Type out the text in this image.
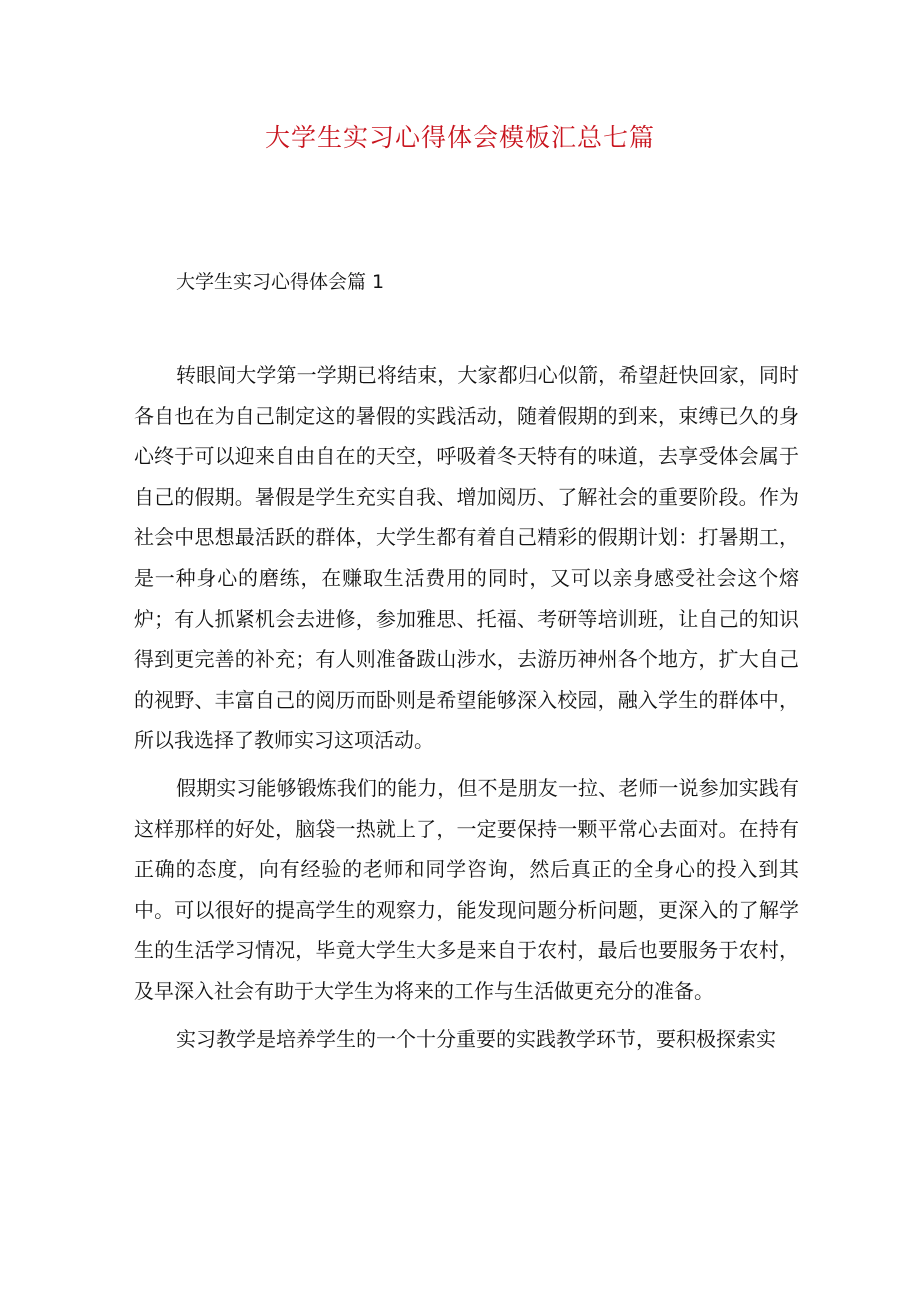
大学生实习心得体会模板汇总七篇
大学生实习心得体会篇 1

转眼间大学第一学期已将结束，大家都归心似箭，希望赶快回家，同时各自也在为自己制定这的暑假的实践活动，随着假期的到来，束缚已久的身心终于可以迎来自由自在的天空，呼吸着冬天特有的味道，去享受体会属于自己的假期。暑假是学生充实自我、增加阅历、了解社会的重要阶段。作为社会中思想最活跃的群体，大学生都有着自己精彩的假期计划：打暑期工，是一种身心的磨练，在赚取生活费用的同时，又可以亲身感受社会这个熔炉；有人抓紧机会去进修，参加雅思、托福、考研等培训班，让自己的知识得到更完善的补充；有人则准备跋山涉水，去游历神州各个地方，扩大自己的视野、丰富自己的阅历而卧则是希望能够深入校园，融入学生的群体中，所以我选择了教师实习这项活动。

假期实习能够锻炼我们的能力，但不是朋友一拉、老师一说参加实践有这样那样的好处，脑袋一热就上了，一定要保持一颗平常心去面对。在持有正确的态度，向有经验的老师和同学咨询，然后真正的全身心的投入到其中。可以很好的提高学生的观察力，能发现问题分析问题，更深入的了解学生的生活学习情况，毕竟大学生大多是来自于农村，最后也要服务于农村，及早深入社会有助于大学生为将来的工作与生活做更充分的准备。

实习教学是培养学生的一个十分重要的实践教学环节，要积极探索实
